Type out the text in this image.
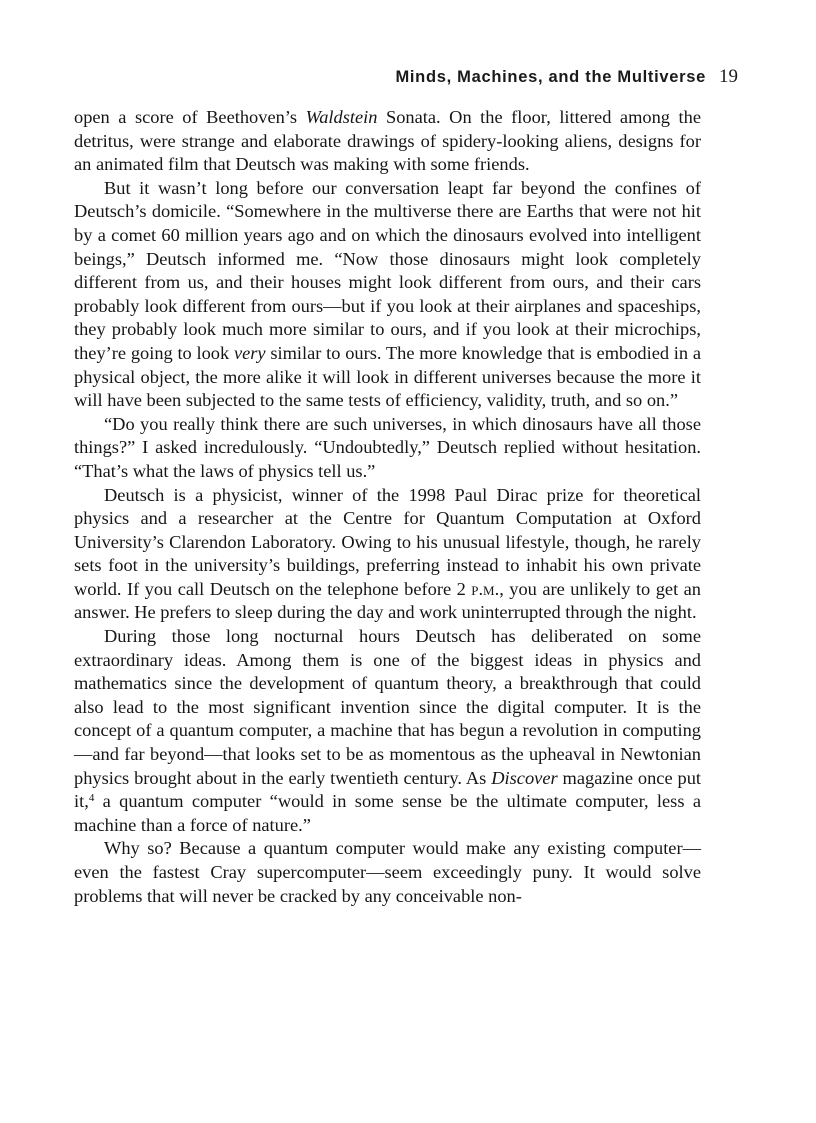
Minds, Machines, and the Multiverse 19

open a score of Beethoven’s Waldstein Sonata. On the floor, littered among the detritus, were strange and elaborate drawings of spidery-looking aliens, designs for an animated film that Deutsch was making with some friends.

But it wasn’t long before our conversation leapt far beyond the confines of Deutsch’s domicile. “Somewhere in the multiverse there are Earths that were not hit by a comet 60 million years ago and on which the dinosaurs evolved into intelligent beings,” Deutsch informed me. “Now those dinosaurs might look completely different from us, and their houses might look different from ours, and their cars probably look different from ours—but if you look at their airplanes and spaceships, they probably look much more similar to ours, and if you look at their microchips, they’re going to look very similar to ours. The more knowledge that is embodied in a physical object, the more alike it will look in different universes because the more it will have been subjected to the same tests of efficiency, validity, truth, and so on.”

“Do you really think there are such universes, in which dinosaurs have all those things?” I asked incredulously. “Undoubtedly,” Deutsch replied without hesitation. “That’s what the laws of physics tell us.”

Deutsch is a physicist, winner of the 1998 Paul Dirac prize for theoretical physics and a researcher at the Centre for Quantum Computation at Oxford University’s Clarendon Laboratory. Owing to his unusual lifestyle, though, he rarely sets foot in the university’s buildings, preferring instead to inhabit his own private world. If you call Deutsch on the telephone before 2 p.m., you are unlikely to get an answer. He prefers to sleep during the day and work uninterrupted through the night.

During those long nocturnal hours Deutsch has deliberated on some extraordinary ideas. Among them is one of the biggest ideas in physics and mathematics since the development of quantum theory, a breakthrough that could also lead to the most significant invention since the digital computer. It is the concept of a quantum computer, a machine that has begun a revolution in computing—and far beyond—that looks set to be as momentous as the upheaval in Newtonian physics brought about in the early twentieth century. As Discover magazine once put it,$^4$ a quantum computer “would in some sense be the ultimate computer, less a machine than a force of nature.”

Why so? Because a quantum computer would make any existing computer—even the fastest Cray supercomputer—seem exceedingly puny. It would solve problems that will never be cracked by any conceivable non-
